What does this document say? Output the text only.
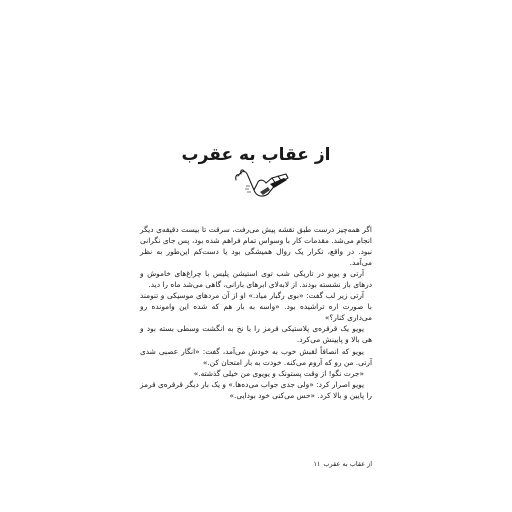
از عقاب به عقرب

اگر همه‌چیز درست طبق نقشه پیش می‌رفت، سرقت تا بیست دقیقه‌ی دیگر انجام می‌شد. مقدمات کار با وسواس تمام فراهم شده بود، پس جای نگرانی نبود. در واقع، تکرار یک روال همیشگی بود یا دست‌کم این‌طور به نظر می‌آمد.

آرتی و یویو در تاریکی شب توی استیشن پلیس با چراغ‌های خاموش و درهای باز نشسته بودند. از لابه‌لای ابرهای بارانی، گاهی می‌شد ماه را دید.

آرتی زیر لب گفت: «بوی رگبار میاد.» او از آن مردهای موسیکی و تنومند با صورت اره تراشیده بود. «واسه به بار هم که شده این وامونده رو می‌داری کنار؟»

یویو یک قرقره‌ی پلاستیکی قرمز را با نخ به انگشت وسطی بسته بود و هی بالا و پایینش می‌کرد.

یویو که انصافاً لقبش خوب به خودش می‌آمد، گفت: «انگار عصبی شدی آرتی. من رو که آروم می‌کنه. خودت به بار امتحان کن.»

«جرت نگو! از وقت پستونک و یویوی من خیلی گذشته.»

یویو اصرار کرد: «ولی جدی جواب می‌ده‌ها.» و یک بار دیگر قرقره‌ی قرمز را پایین و بالا کرد. «حس می‌کنی خود بودایی.»

از عقاب به عقرب۱۱
